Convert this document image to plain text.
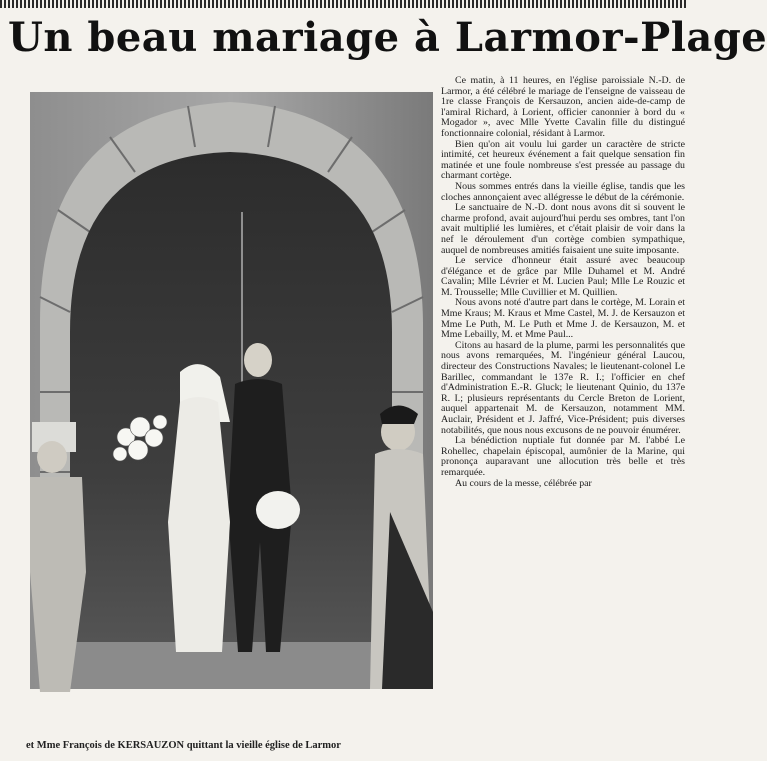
Un beau mariage à Larmor-Plage
et Mme François de KERSAUZON quittant la vieille église de Larmor

Ce matin, à 11 heures, en l'église paroissiale N.-D. de Larmor, a été célébré le mariage de l'enseigne de vaisseau de 1re classe François de Kersauzon, ancien aide-de-camp de l'amiral Richard, à Lorient, officier canonnier à bord du « Mogador », avec Mlle Yvette Cavalin fille du distingué fonctionnaire colonial, résidant à Larmor.

Bien qu'on ait voulu lui garder un caractère de stricte intimité, cet heureux événement a fait quelque sensation fin matinée et une foule nombreuse s'est pressée au passage du charmant cortège.

Nous sommes entrés dans la vieille église, tandis que les cloches annonçaient avec allégresse le début de la cérémonie.

Le sanctuaire de N.-D. dont nous avons dit si souvent le charme profond, avait aujourd'hui perdu ses ombres, tant l'on avait multiplié les lumières, et c'était plaisir de voir dans la nef le déroulement d'un cortège combien sympathique, auquel de nombreuses amitiés faisaient une suite imposante.

Le service d'honneur était assuré avec beaucoup d'élégance et de grâce par Mlle Duhamel et M. André Cavalin; Mlle Lévrier et M. Lucien Paul; Mlle Le Rouzic et M. Trousselle; Mlle Cuvillier et M. Quillien.

Nous avons noté d'autre part dans le cortège, M. Lorain et Mme Kraus; M. Kraus et Mme Castel, M. J. de Kersauzon et Mme Le Puth, M. Le Puth et Mme J. de Kersauzon, M. et Mme Lebailly, M. et Mme Paul...

Citons au hasard de la plume, parmi les personnalités que nous avons remarquées, M. l'ingénieur général Laucou, directeur des Constructions Navales; le lieutenant-colonel Le Barillec, commandant le 137e R. I.; l'officier en chef d'Administration E.-R. Gluck; le lieutenant Quinio, du 137e R. I.; plusieurs représentants du Cercle Breton de Lorient, auquel appartenait M. de Kersauzon, notamment MM. Auclair, Président et J. Jaffré, Vice-Président; puis diverses notabilités, que nous nous excusons de ne pouvoir énumérer.

La bénédiction nuptiale fut donnée par M. l'abbé Le Rohellec, chapelain épiscopal, aumônier de la Marine, qui prononça auparavant une allocution très belle et très remarquée.

Au cours de la messe, célébrée par
